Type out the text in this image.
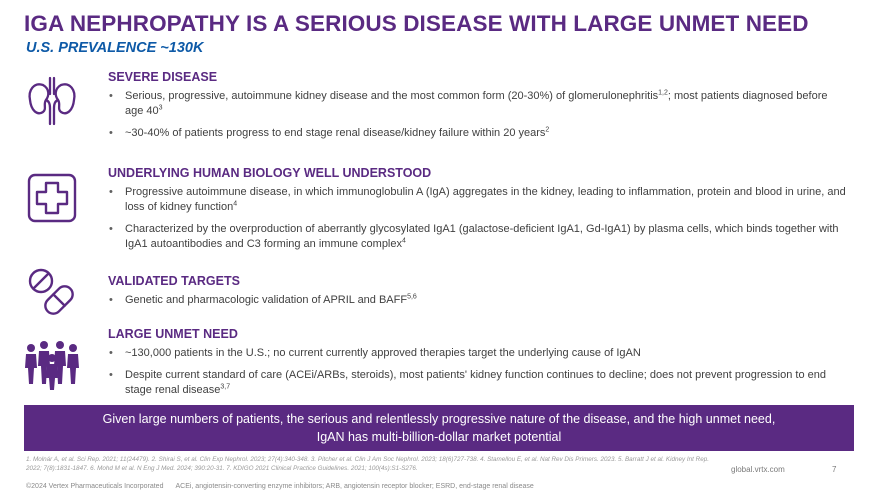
IGA NEPHROPATHY IS A SERIOUS DISEASE WITH LARGE UNMET NEED
U.S. PREVALENCE ~130K
SEVERE DISEASE
• Serious, progressive, autoimmune kidney disease and the most common form (20-30%) of glomerulonephritis$^{1,2}$; most patients diagnosed before age $40^3$
• ~30-40% of patients progress to end stage renal disease/kidney failure within 20 years$^2$
UNDERLYING HUMAN BIOLOGY WELL UNDERSTOOD
• Progressive autoimmune disease, in which immunoglobulin A (IgA) aggregates in the kidney, leading to inflammation, protein and blood in urine, and loss of kidney function$^4$
• Characterized by the overproduction of aberrantly glycosylated IgA1 (galactose-deficient IgA1, Gd-IgA1) by plasma cells, which binds together with IgA1 autoantibodies and C3 forming an immune complex$^4$
VALIDATED TARGETS
• Genetic and pharmacologic validation of APRIL and BAFF$^{5,6}$
LARGE UNMET NEED
• ~130,000 patients in the U.S.; no current currently approved therapies target the underlying cause of IgAN
• Despite current standard of care (ACEi/ARBs, steroids), most patients' kidney function continues to decline; does not prevent progression to end stage renal disease$^{3,7}$
Given large numbers of patients, the serious and relentlessly progressive nature of the disease, and the high unmet need,
IgAN has multi-billion-dollar market potential
1. Molnár A, et al. Sci Rep. 2021; 11(24479). 2. Shirai S, et al. Clin Exp Nephrol. 2023; 27(4):340-348. 3. Pitcher et al. Clin J Am Soc Nephrol. 2023; 18(6)727-738. 4. Stamellou E, et al. Nat Rev Dis Primers. 2023. 5. Barratt J et al. Kidney Int Rep. 2022; 7(8):1831-1847. 6. Mohd M et al. N Eng J Med. 2024; 390:20-31. 7. KDIGO 2021 Clinical Practice Guidelines. 2021; 100(4s):S1-S276.	global.vrtx.com	7
©2024 Vertex Pharmaceuticals Incorporated ACEi, angiotensin-converting enzyme inhibitors; ARB, angiotensin receptor blocker; ESRD, end-stage renal disease
